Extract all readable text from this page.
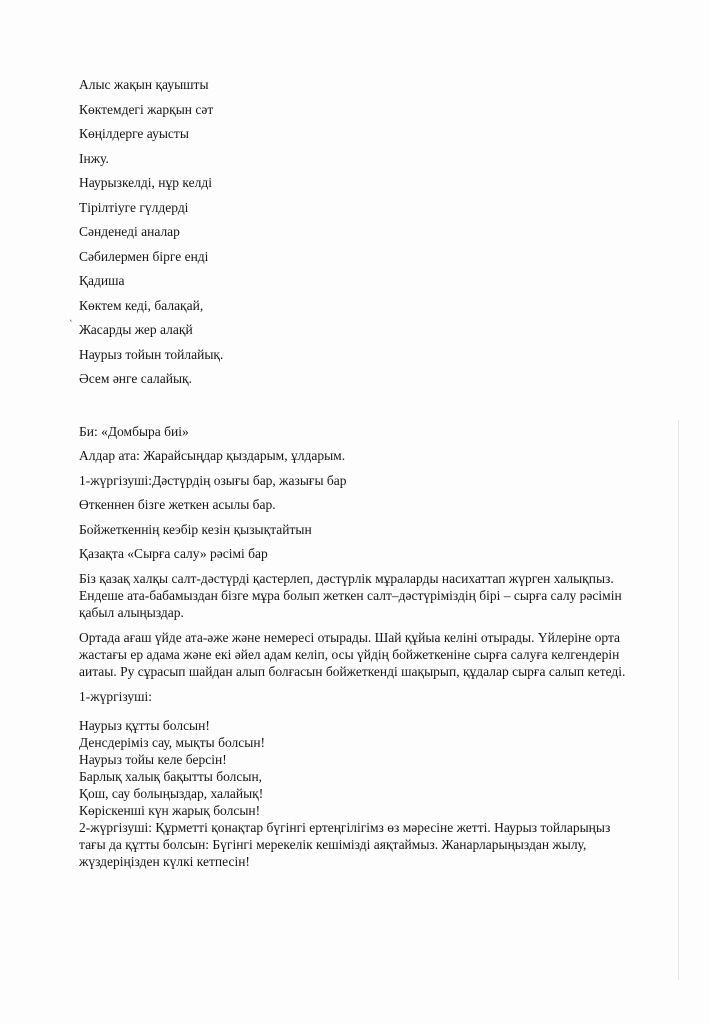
`

Алыс жақын қауышты

Көктемдегі жарқын сәт

Көңілдерге ауысты

Інжу.

Наурызкелді, нұр келді

Тірілтіуге гүлдерді

Сәнденеді аналар

Сәбилермен бірге енді

Қадиша

Көктем кеді, балақай,

Жасарды жер алақй

Наурыз тойын тойлайық.

Әсем әнге салайық.

Би: «Домбыра биі»

Алдар ата: Жарайсыңдар қыздарым, ұлдарым.

1-жүргізуші:Дәстүрдің озығы бар, жазығы бар

Өткеннен бізге жеткен асылы бар.

Бойжеткеннің кеэбір кезін қызықтайтын

Қазақта «Сырға салу» рәсімі бар

Біз қазақ халқы салт-дәстүрді қастерлеп, дәстүрлік мұраларды насихаттап жүрген халықпыз. Ендеше ата-бабамыздан бізге мұра болып жеткен салт–дәстүріміздің бірі – сырға салу рәсімін қабыл алыңыздар.

Ортада ағаш үйде ата-әже және немересі отырады. Шай құйыа келіні отырады. Үйлеріне орта жастағы ер адама және екі әйел адам келіп, осы үйдің бойжеткеніне сырға салуға келгендерін аитаы. Ру сұрасып шайдан алып болғасын бойжеткенді шақырып, құдалар сырға салып кетеді.

1-жүргізуші:

Наурыз құтты болсын!

Денсдеріміз сау, мықты болсын!

Наурыз тойы келе берсін!

Барлық халық бақытты болсын,

Қош, сау болыңыздар, халайық!

Көріскенші күн жарық болсын!

2-жүргізуші: Құрметті қонақтар бүгінгі ертеңгілігімз өз мәресіне жетті. Наурыз тойларыңыз тағы да құтты болсын: Бүгінгі мерекелік кешімізді аяқтаймыз. Жанарларыңыздан жылу, жүздеріңізден күлкі кетпесін!
